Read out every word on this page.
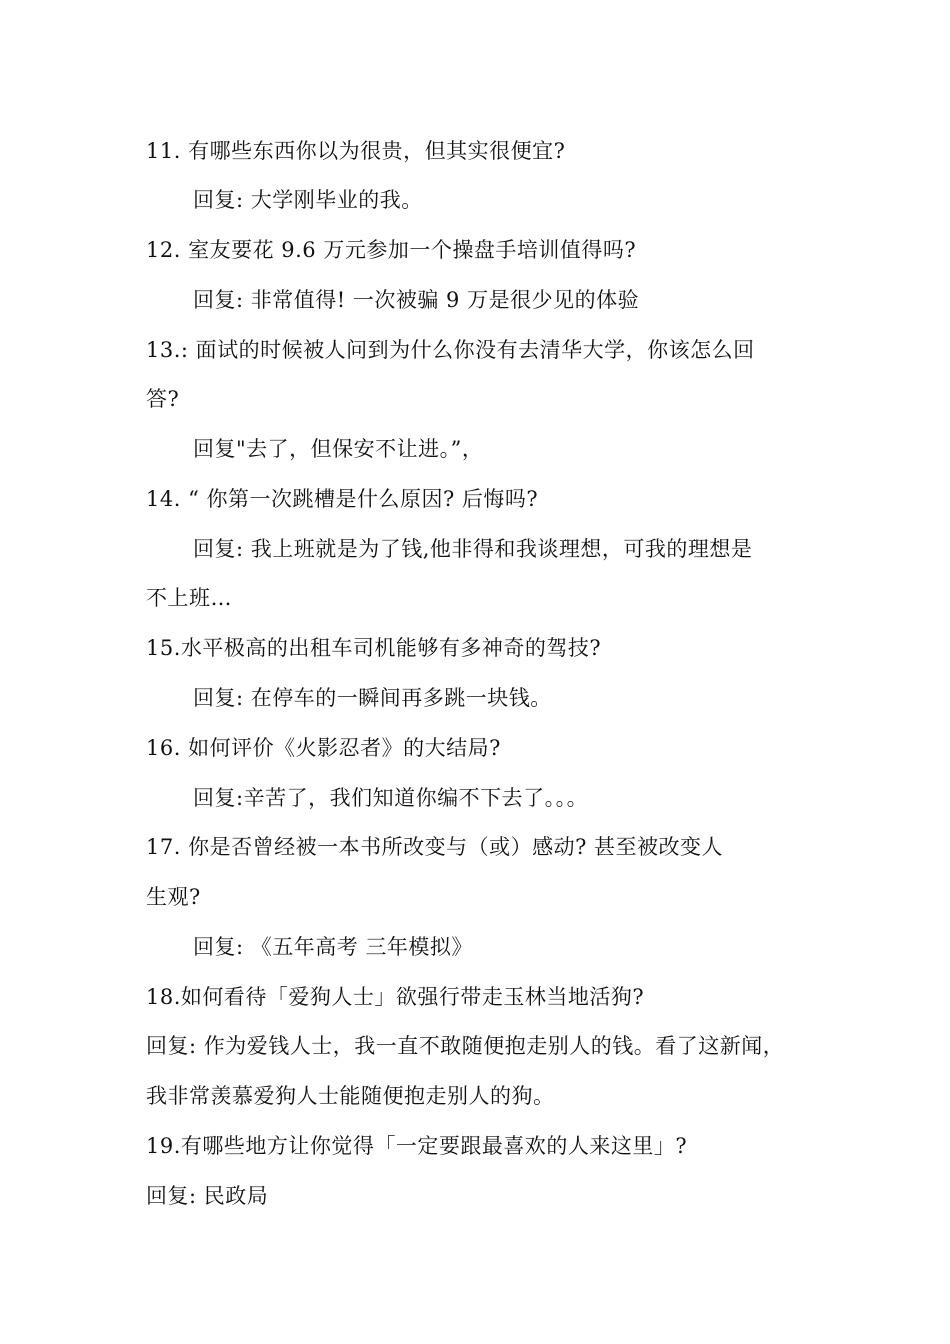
11. 有哪些东西你以为很贵，但其实很便宜?
回复: 大学刚毕业的我。
12. 室友要花 9.6 万元参加一个操盘手培训值得吗?
回复: 非常值得! 一次被骗 9 万是很少见的体验
13.: 面试的时候被人问到为什么你没有去清华大学，你该怎么回
答?
回复"去了，但保安不让进。”，
14. “ 你第一次跳槽是什么原因? 后悔吗?
回复: 我上班就是为了钱,他非得和我谈理想，可我的理想是
不上班…
15.水平极高的出租车司机能够有多神奇的驾技?
回复: 在停车的一瞬间再多跳一块钱。
16. 如何评价《火影忍者》的大结局?
回复:辛苦了，我们知道你编不下去了。。。
17. 你是否曾经被一本书所改变与（或）感动? 甚至被改变人
生观?
回复: 《五年高考 三年模拟》
18.如何看待「爱狗人士」欲强行带走玉林当地活狗?
回复: 作为爱钱人士，我一直不敢随便抱走别人的钱。看了这新闻，
我非常羡慕爱狗人士能随便抱走别人的狗。
19.有哪些地方让你觉得「一定要跟最喜欢的人来这里」?
回复: 民政局
